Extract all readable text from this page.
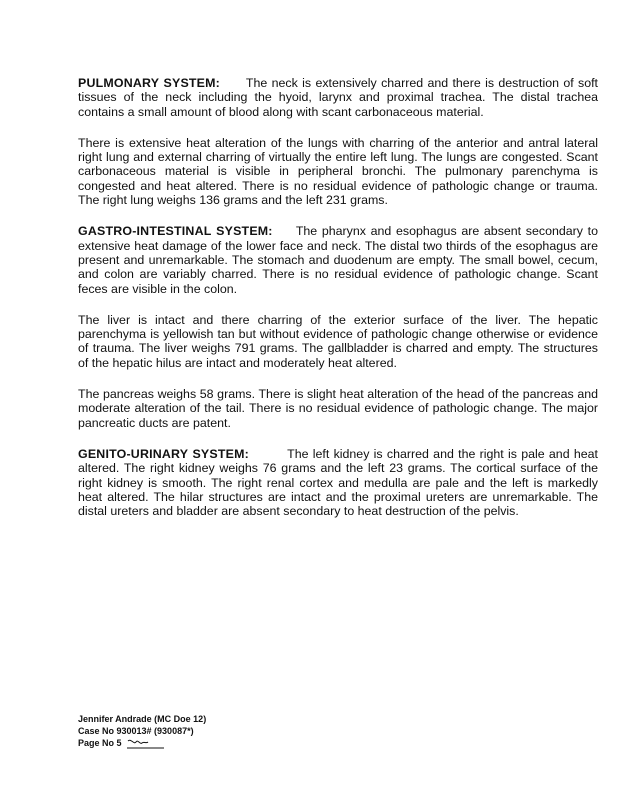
PULMONARY SYSTEM: The neck is extensively charred and there is destruction of soft tissues of the neck including the hyoid, larynx and proximal trachea. The distal trachea contains a small amount of blood along with scant carbonaceous material.

There is extensive heat alteration of the lungs with charring of the anterior and antral lateral right lung and external charring of virtually the entire left lung. The lungs are congested. Scant carbonaceous material is visible in peripheral bronchi. The pulmonary parenchyma is congested and heat altered. There is no residual evidence of pathologic change or trauma. The right lung weighs 136 grams and the left 231 grams.

GASTRO-INTESTINAL SYSTEM: The pharynx and esophagus are absent secondary to extensive heat damage of the lower face and neck. The distal two thirds of the esophagus are present and unremarkable. The stomach and duodenum are empty. The small bowel, cecum, and colon are variably charred. There is no residual evidence of pathologic change. Scant feces are visible in the colon.

The liver is intact and there charring of the exterior surface of the liver. The hepatic parenchyma is yellowish tan but without evidence of pathologic change otherwise or evidence of trauma. The liver weighs 791 grams. The gallbladder is charred and empty. The structures of the hepatic hilus are intact and moderately heat altered.

The pancreas weighs 58 grams. There is slight heat alteration of the head of the pancreas and moderate alteration of the tail. There is no residual evidence of pathologic change. The major pancreatic ducts are patent.

GENITO-URINARY SYSTEM:	The left kidney is charred and the right is pale and heat altered. The right kidney weighs 76 grams and the left 23 grams. The cortical surface of the right kidney is smooth. The right renal cortex and medulla are pale and the left is markedly heat altered. The hilar structures are intact and the proximal ureters are unremarkable. The distal ureters and bladder are absent secondary to heat destruction of the pelvis.

Jennifer Andrade (MC Doe 12)
Case No 930013# (930087*)
Page No 5
